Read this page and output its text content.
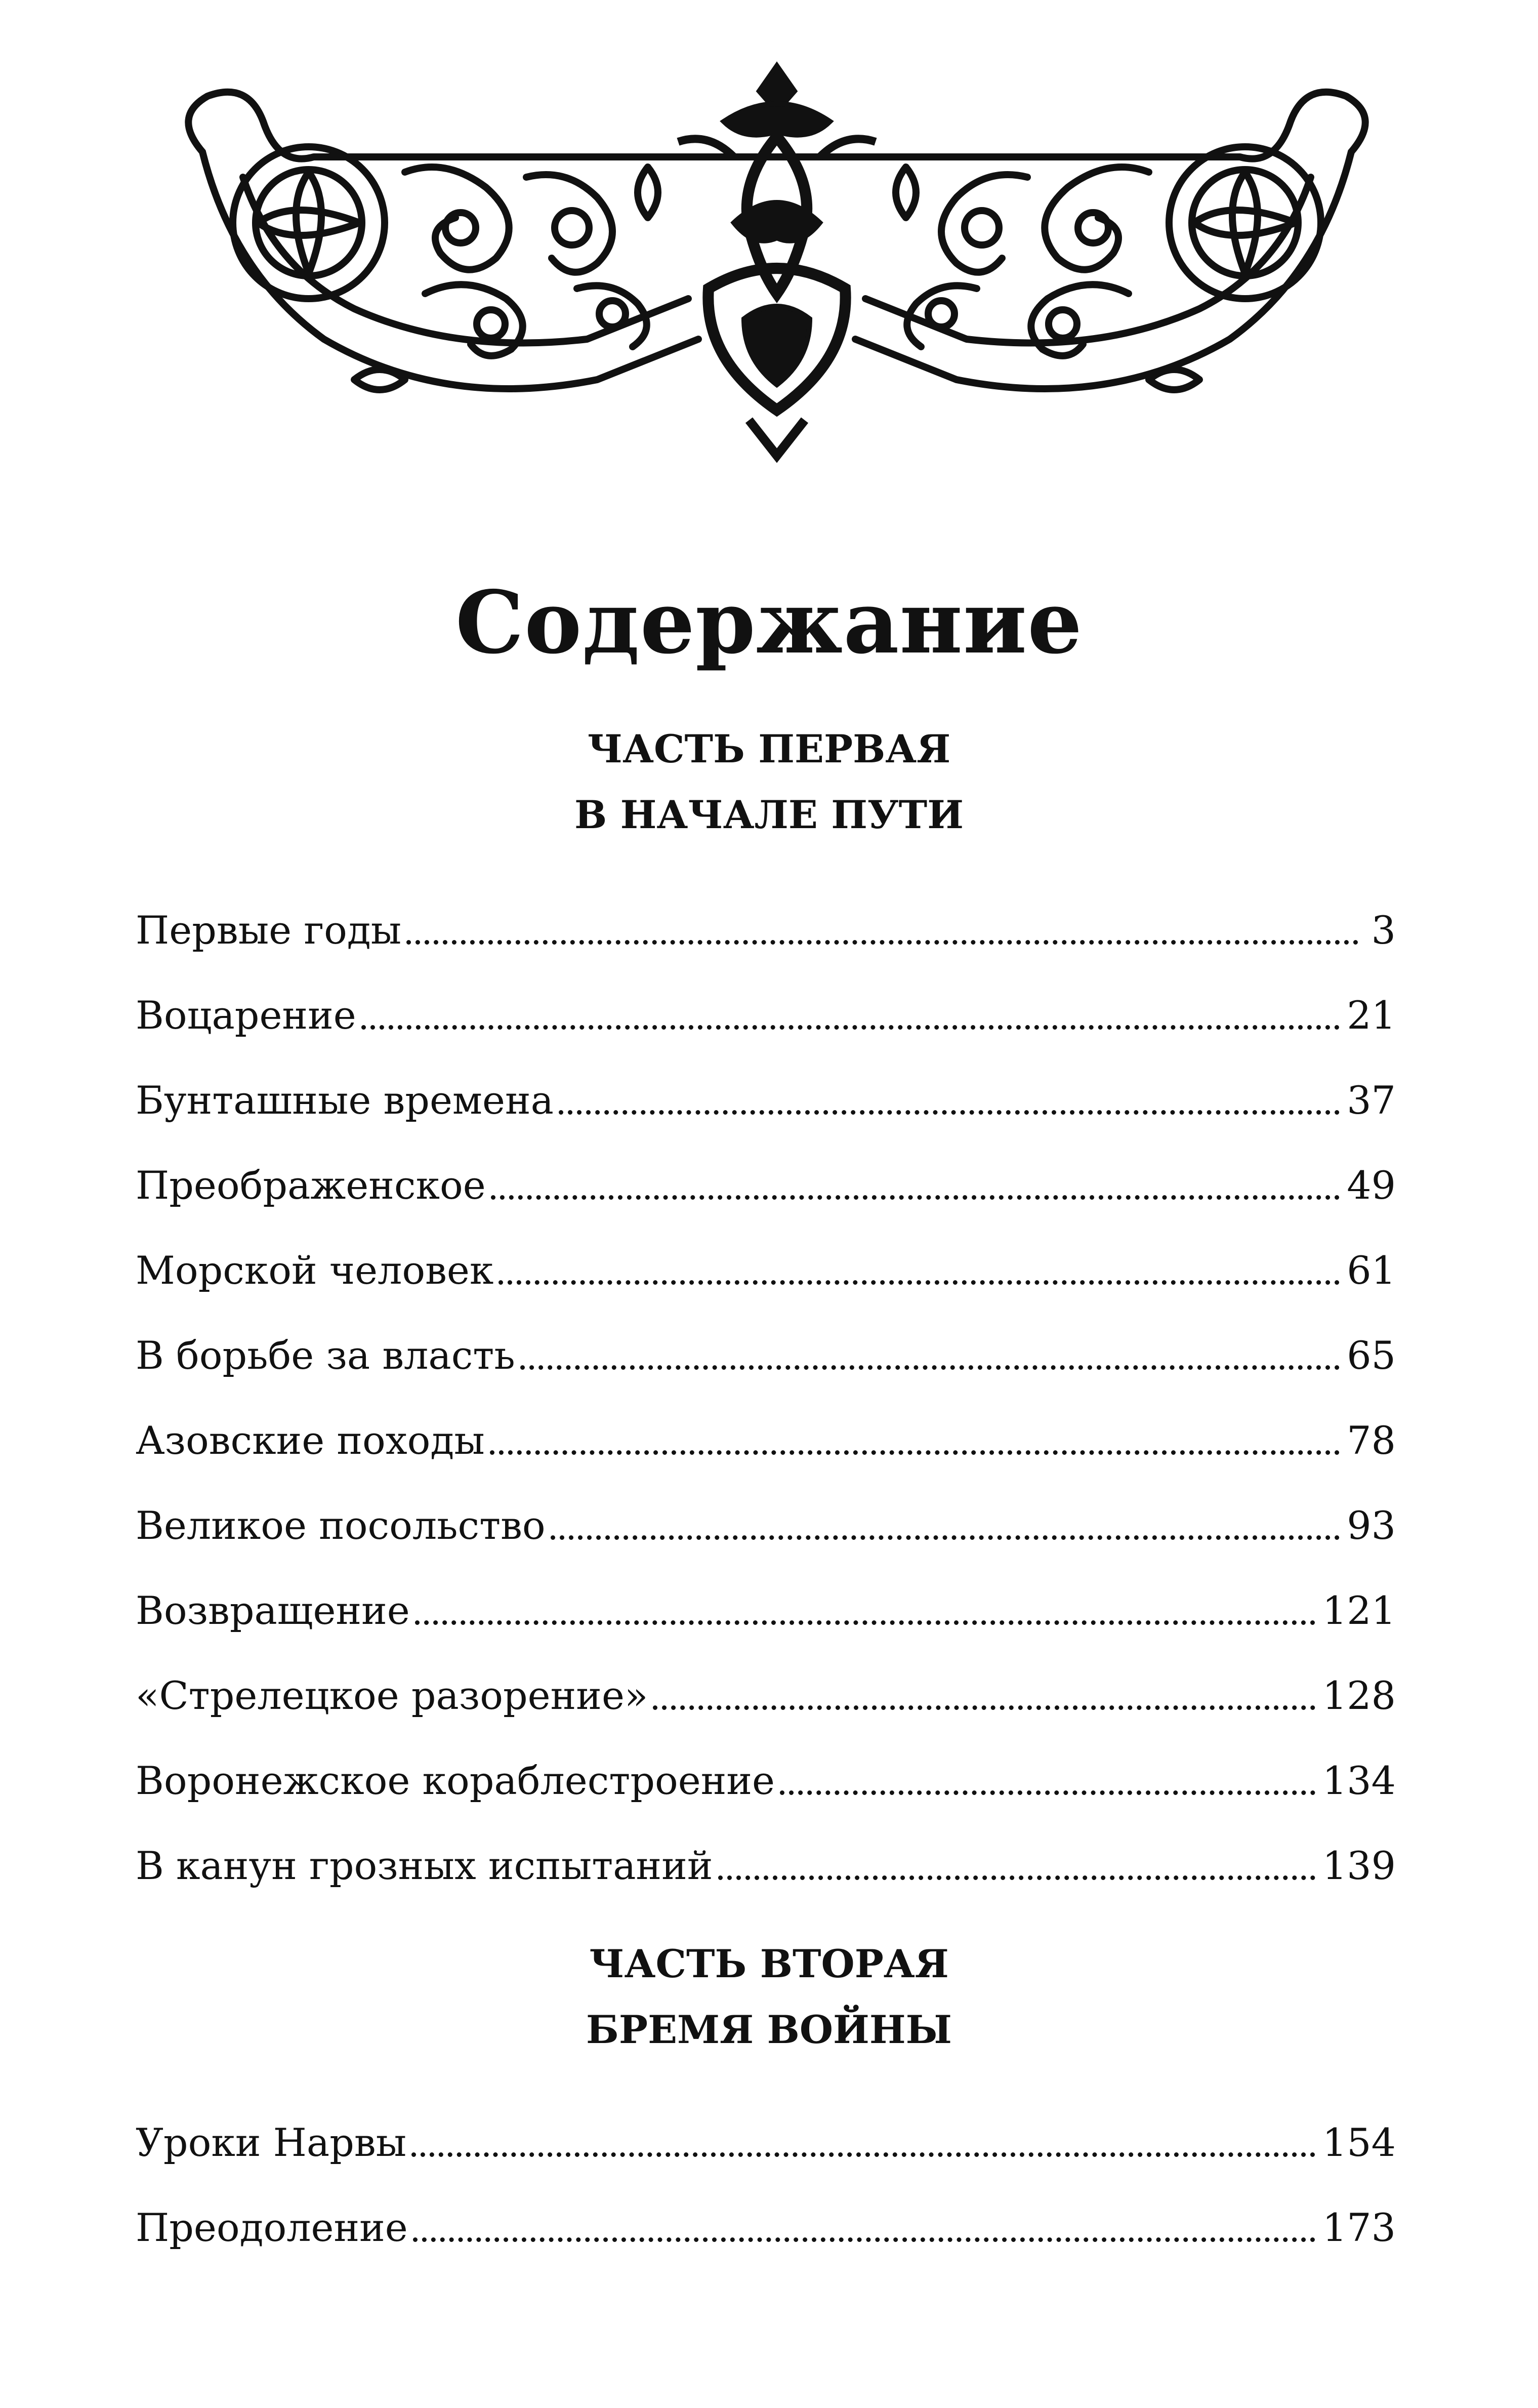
Содержание
ЧАСТЬ ПЕРВАЯ
В НАЧАЛЕ ПУТИ
Первые годы	3
Воцарение	21
Бунташные времена	37
Преображенское	49
Морской человек	61
В борьбе за власть	65
Азовские походы	78
Великое посольство	93
Возвращение	121
«Стрелецкое разорение»	128
Воронежское кораблестроение	134
В канун грозных испытаний	139
ЧАСТЬ ВТОРАЯ
БРЕМЯ ВОЙНЫ
Уроки Нарвы	154
Преодоление	173
